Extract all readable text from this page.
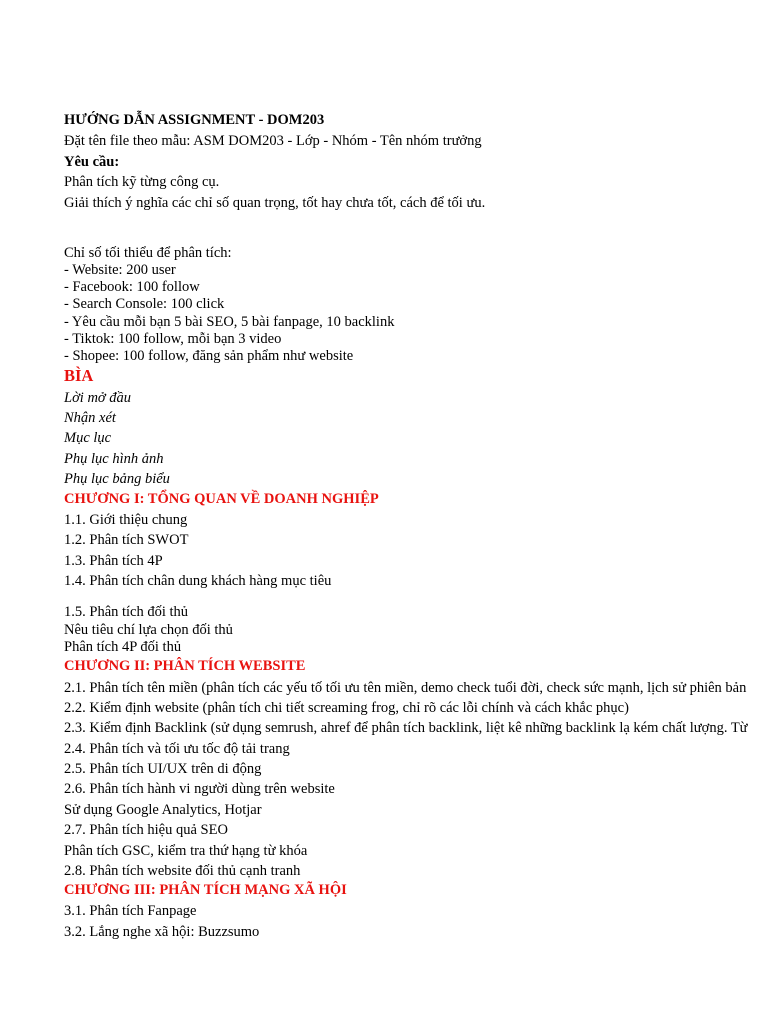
HƯỚNG DẪN ASSIGNMENT - DOM203
Đặt tên file theo mẫu: ASM DOM203 - Lớp - Nhóm - Tên nhóm trưởng
Yêu cầu:
Phân tích kỹ từng công cụ.
Giải thích ý nghĩa các chỉ số quan trọng, tốt hay chưa tốt, cách để tối ưu.
Chỉ số tối thiểu để phân tích:
- Website: 200 user
- Facebook: 100 follow
- Search Console: 100 click
- Yêu cầu mỗi bạn 5 bài SEO, 5 bài fanpage, 10 backlink
- Tiktok: 100 follow, mỗi bạn 3 video
- Shopee: 100 follow, đăng sản phẩm như website
BÌA
Lời mở đầu
Nhận xét
Mục lục
Phụ lục hình ảnh
Phụ lục bảng biểu
CHƯƠNG I: TỔNG QUAN VỀ DOANH NGHIỆP
1.1. Giới thiệu chung
1.2. Phân tích SWOT
1.3. Phân tích 4P
1.4. Phân tích chân dung khách hàng mục tiêu
1.5. Phân tích đối thủ
Nêu tiêu chí lựa chọn đối thủ
Phân tích 4P đối thủ
CHƯƠNG II: PHÂN TÍCH WEBSITE
2.1. Phân tích tên miền (phân tích các yếu tố tối ưu tên miền, demo check tuổi đời, check sức mạnh, lịch sử phiên bản
2.2. Kiểm định website (phân tích chi tiết screaming frog, chỉ rõ các lỗi chính và cách khắc phục)
2.3. Kiểm định Backlink (sử dụng semrush, ahref để phân tích backlink, liệt kê những backlink lạ kém chất lượng. Từ
2.4. Phân tích và tối ưu tốc độ tải trang
2.5. Phân tích UI/UX trên di động
2.6. Phân tích hành vi người dùng trên website
Sử dụng Google Analytics, Hotjar
2.7. Phân tích hiệu quả SEO
Phân tích GSC, kiểm tra thứ hạng từ khóa
2.8. Phân tích website đối thủ cạnh tranh
CHƯƠNG III: PHÂN TÍCH MẠNG XÃ HỘI
3.1. Phân tích Fanpage
3.2. Lắng nghe xã hội: Buzzsumo
